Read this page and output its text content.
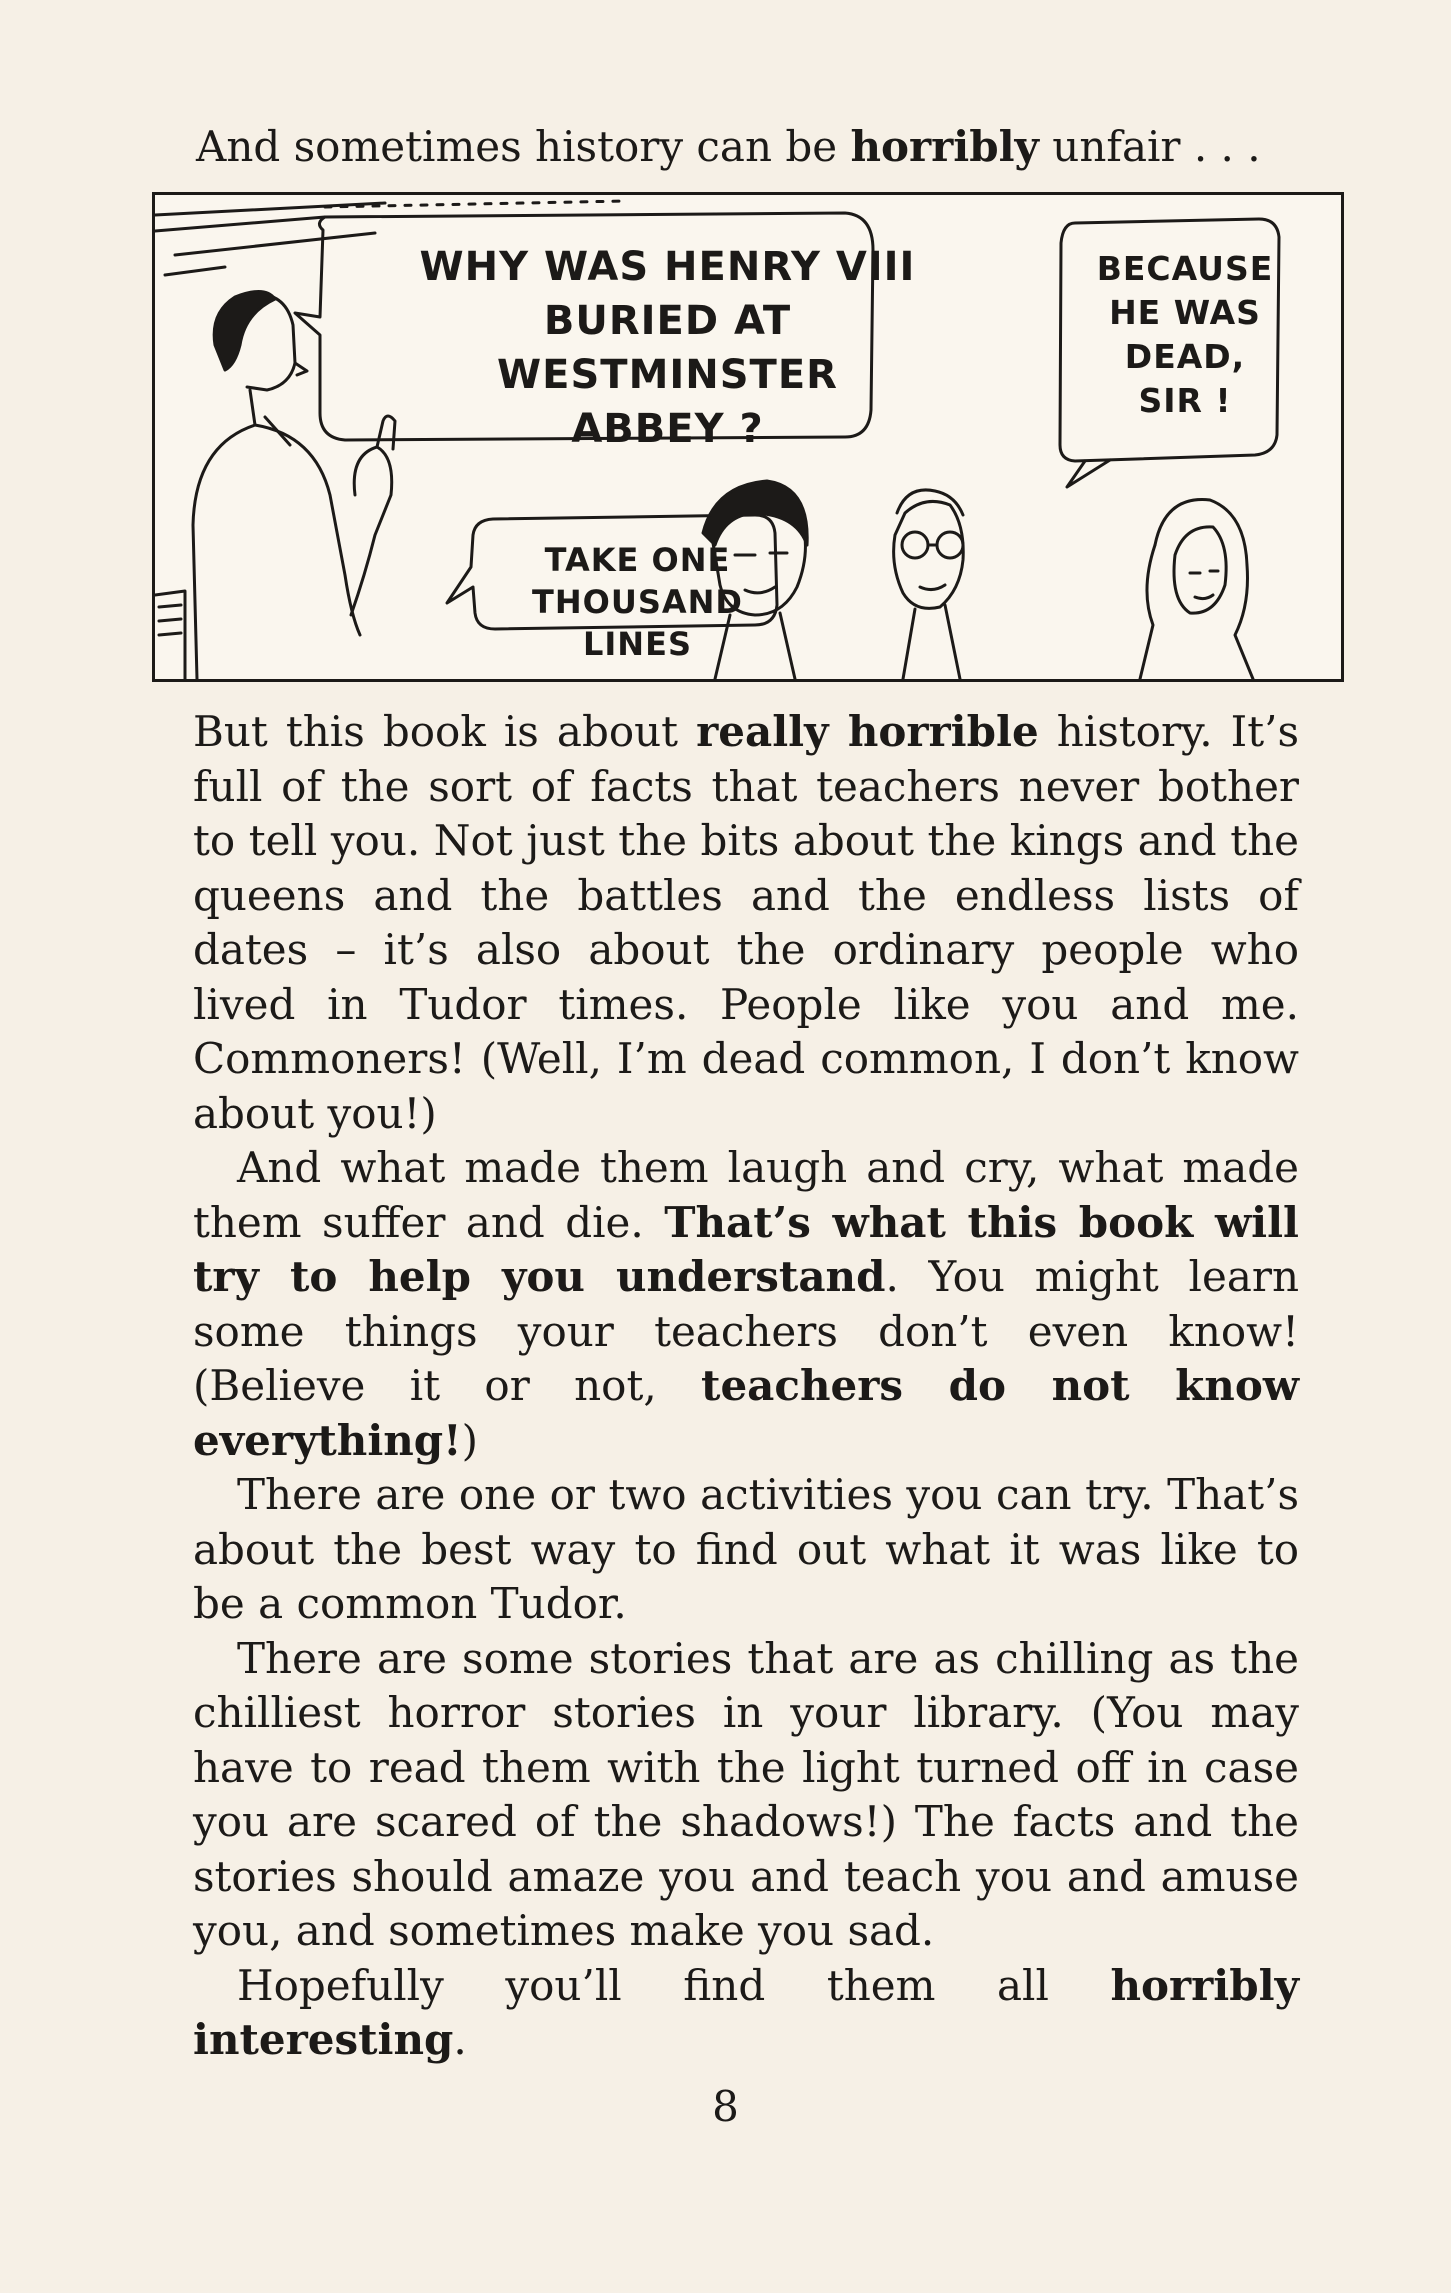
And sometimes history can be horribly unfair . . .

WHY WAS HENRY VIII
BURIED AT WESTMINSTER
ABBEY ?

BECAUSE
HE WAS
DEAD,
SIR !

TAKE ONE
THOUSAND LINES

But this book is about really horrible history. It’s full of the sort of facts that teachers never bother to tell you. Not just the bits about the kings and the queens and the battles and the endless lists of dates – it’s also about the ordinary people who lived in Tudor times. People like you and me. Commoners! (Well, I’m dead common, I don’t know about you!)

And what made them laugh and cry, what made them suffer and die. That’s what this book will try to help you understand. You might learn some things your teachers don’t even know! (Believe it or not, teachers do not know everything!)

There are one or two activities you can try. That’s about the best way to find out what it was like to be a common Tudor.

There are some stories that are as chilling as the chilliest horror stories in your library. (You may have to read them with the light turned off in case you are scared of the shadows!) The facts and the stories should amaze you and teach you and amuse you, and sometimes make you sad.

Hopefully you’ll find them all horribly interesting.

8
